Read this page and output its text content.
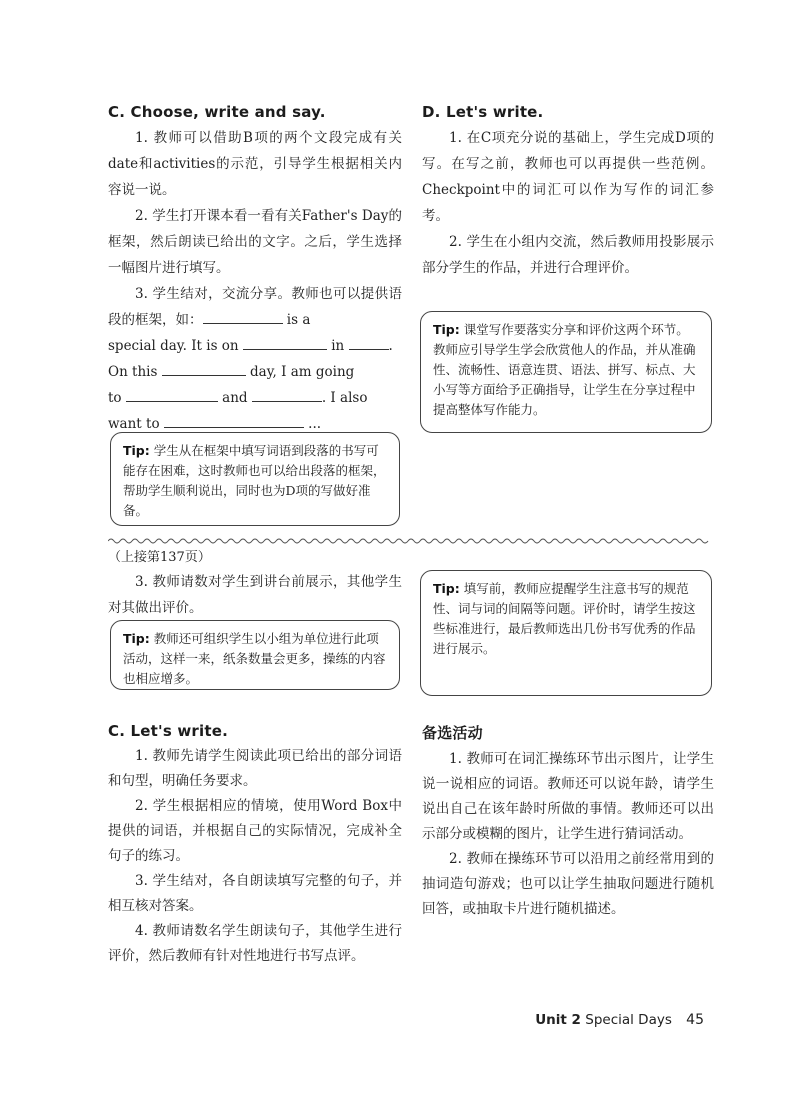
C. Choose, write and say.

1. 教师可以借助B项的两个文段完成有关date和activities的示范，引导学生根据相关内容说一说。

2. 学生打开课本看一看有关Father's Day的框架，然后朗读已给出的文字。之后，学生选择一幅图片进行填写。

3. 学生结对，交流分享。教师也可以提供语段的框架，如：	is a

special day. It is on	in	.

On this	day, I am going

to	and	. I also

want to	...

Tip: 学生从在框架中填写词语到段落的书写可能存在困难，这时教师也可以给出段落的框架，帮助学生顺利说出，同时也为D项的写做好准备。
D. Let's write.

1. 在C项充分说的基础上，学生完成D项的写。在写之前，教师也可以再提供一些范例。Checkpoint中的词汇可以作为写作的词汇参考。

2. 学生在小组内交流，然后教师用投影展示部分学生的作品，并进行合理评价。

Tip: 课堂写作要落实分享和评价这两个环节。教师应引导学生学会欣赏他人的作品，并从准确性、流畅性、语意连贯、语法、拼写、标点、大小写等方面给予正确指导，让学生在分享过程中提高整体写作能力。

（上接第137页）

3. 教师请数对学生到讲台前展示，其他学生对其做出评价。

Tip: 教师还可组织学生以小组为单位进行此项活动，这样一来，纸条数量会更多，操练的内容也相应增多。
Tip: 填写前，教师应提醒学生注意书写的规范性、词与词的间隔等问题。评价时，请学生按这些标准进行，最后教师选出几份书写优秀的作品进行展示。
C. Let's write.

1. 教师先请学生阅读此项已给出的部分词语和句型，明确任务要求。

2. 学生根据相应的情境，使用Word Box中提供的词语，并根据自己的实际情况，完成补全句子的练习。

3. 学生结对，各自朗读填写完整的句子，并相互核对答案。

4. 教师请数名学生朗读句子，其他学生进行评价，然后教师有针对性地进行书写点评。

备选活动

1. 教师可在词汇操练环节出示图片，让学生说一说相应的词语。教师还可以说年龄，请学生说出自己在该年龄时所做的事情。教师还可以出示部分或模糊的图片，让学生进行猜词活动。

2. 教师在操练环节可以沿用之前经常用到的抽词造句游戏；也可以让学生抽取问题进行随机回答，或抽取卡片进行随机描述。

Unit 2 Special Days 45
